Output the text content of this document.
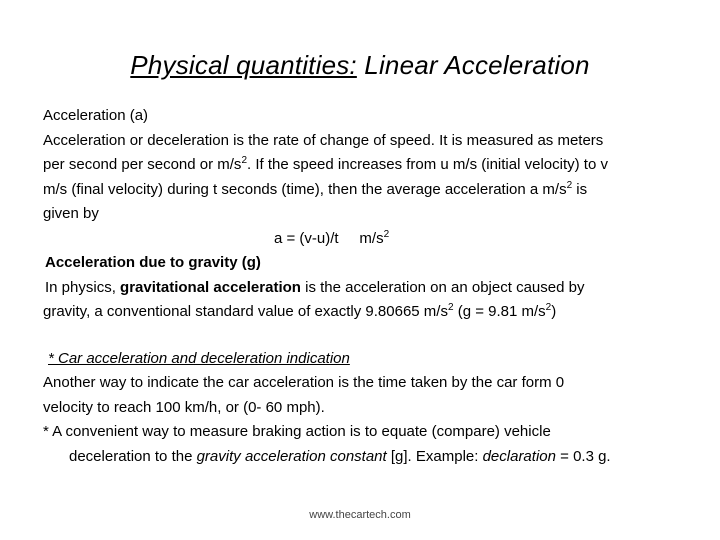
Physical quantities: Linear Acceleration
Acceleration (a)
Acceleration or deceleration is the rate of change of speed. It is measured as meters
per second per second or $m/s^2$. If the speed increases from u m/s (initial velocity) to v
m/s (final velocity) during t seconds (time), then the average acceleration a $m/s^2$ is
given by
a = (v-u)/t     $m/s^2$
Acceleration due to gravity (g)
In physics, gravitational acceleration is the acceleration on an object caused by
gravity, a conventional standard value of exactly 9.80665 $m/s^2$ (g = 9.81 $m/s^2$)
* Car acceleration and deceleration indication
Another way to indicate the car acceleration is the time taken by the car form 0
velocity to reach 100 km/h, or (0- 60 mph).
* A convenient way to measure braking action is to equate (compare) vehicle
deceleration to the gravity acceleration constant [g]. Example: declaration = 0.3 g.
www.thecartech.com
